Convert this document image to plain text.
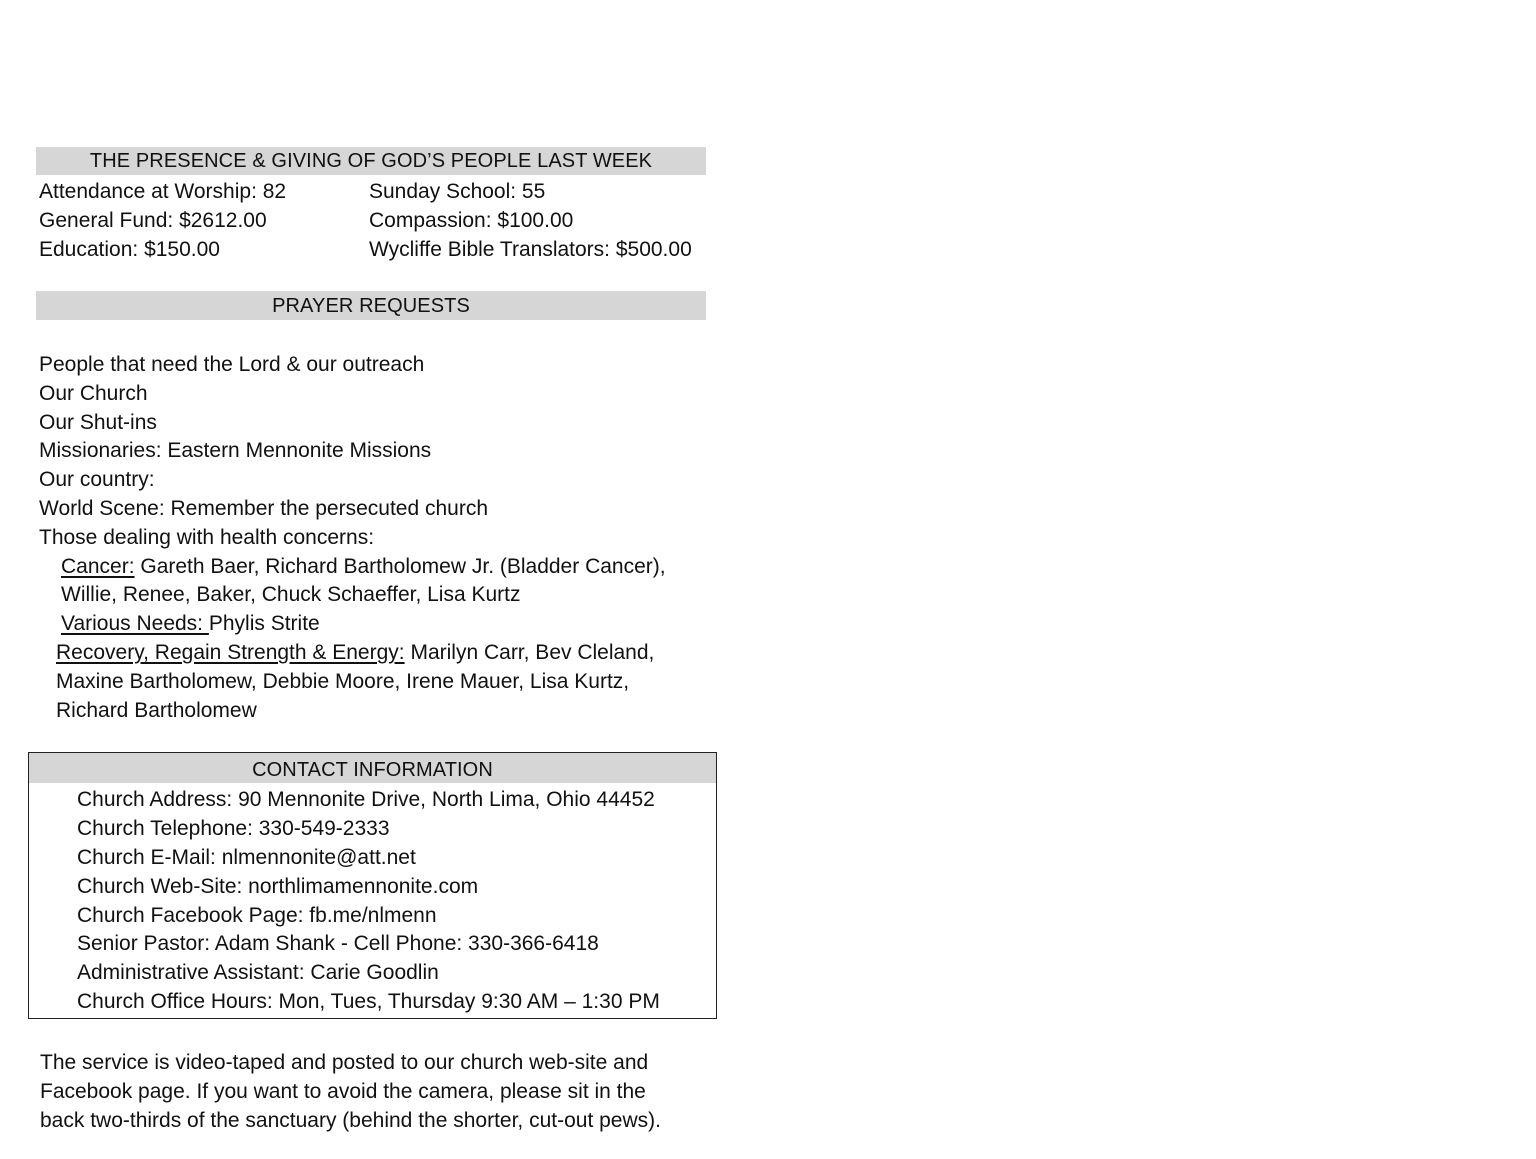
THE PRESENCE & GIVING OF GOD’S PEOPLE LAST WEEK
Attendance at Worship: 82	Sunday School: 55
General Fund: $2612.00	Compassion: $100.00
Education: $150.00	Wycliffe Bible Translators: $500.00
PRAYER REQUESTS
People that need the Lord & our outreach
Our Church
Our Shut-ins
Missionaries: Eastern Mennonite Missions
Our country:
World Scene: Remember the persecuted church
Those dealing with health concerns:
Cancer: Gareth Baer, Richard Bartholomew Jr. (Bladder Cancer),
Willie, Renee, Baker, Chuck Schaeffer, Lisa Kurtz
Various Needs: Phylis Strite
Recovery, Regain Strength & Energy: Marilyn Carr, Bev Cleland,
Maxine Bartholomew, Debbie Moore, Irene Mauer, Lisa Kurtz,
Richard Bartholomew
CONTACT INFORMATION
Church Address: 90 Mennonite Drive, North Lima, Ohio 44452
Church Telephone: 330-549-2333
Church E-Mail: nlmennonite@att.net
Church Web-Site: northlimamennonite.com
Church Facebook Page: fb.me/nlmenn
Senior Pastor: Adam Shank - Cell Phone: 330-366-6418
Administrative Assistant: Carie Goodlin
Church Office Hours: Mon, Tues, Thursday 9:30 AM – 1:30 PM
The service is video-taped and posted to our church web-site and
Facebook page. If you want to avoid the camera, please sit in the
back two-thirds of the sanctuary (behind the shorter, cut-out pews).
